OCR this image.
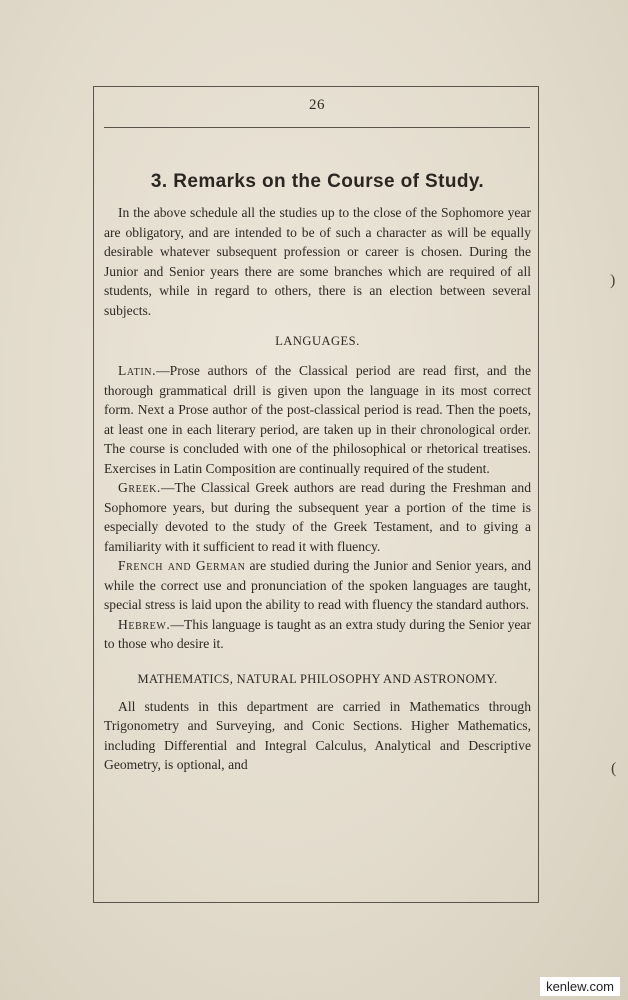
)
(
26
3. Remarks on the Course of Study.

In the above schedule all the studies up to the close of the Sophomore year are obligatory, and are intended to be of such a character as will be equally desirable whatever subsequent profession or career is chosen. During the Junior and Senior years there are some branches which are required of all students, while in regard to others, there is an election between several subjects.

LANGUAGES.

Latin.—Prose authors of the Classical period are read first, and the thorough grammatical drill is given upon the language in its most correct form. Next a Prose author of the post-classical period is read. Then the poets, at least one in each literary period, are taken up in their chronological order. The course is concluded with one of the philosophical or rhetorical treatises. Exercises in Latin Composition are continually required of the student.

Greek.—The Classical Greek authors are read during the Freshman and Sophomore years, but during the subsequent year a portion of the time is especially devoted to the study of the Greek Testament, and to giving a familiarity with it sufficient to read it with fluency.

French and German are studied during the Junior and Senior years, and while the correct use and pronunciation of the spoken languages are taught, special stress is laid upon the ability to read with fluency the standard authors.

Hebrew.—This language is taught as an extra study during the Senior year to those who desire it.

MATHEMATICS, NATURAL PHILOSOPHY AND ASTRONOMY.

All students in this department are carried in Mathematics through Trigonometry and Surveying, and Conic Sections. Higher Mathematics, including Differential and Integral Calculus, Analytical and Descriptive Geometry, is optional, and

kenlew.com
